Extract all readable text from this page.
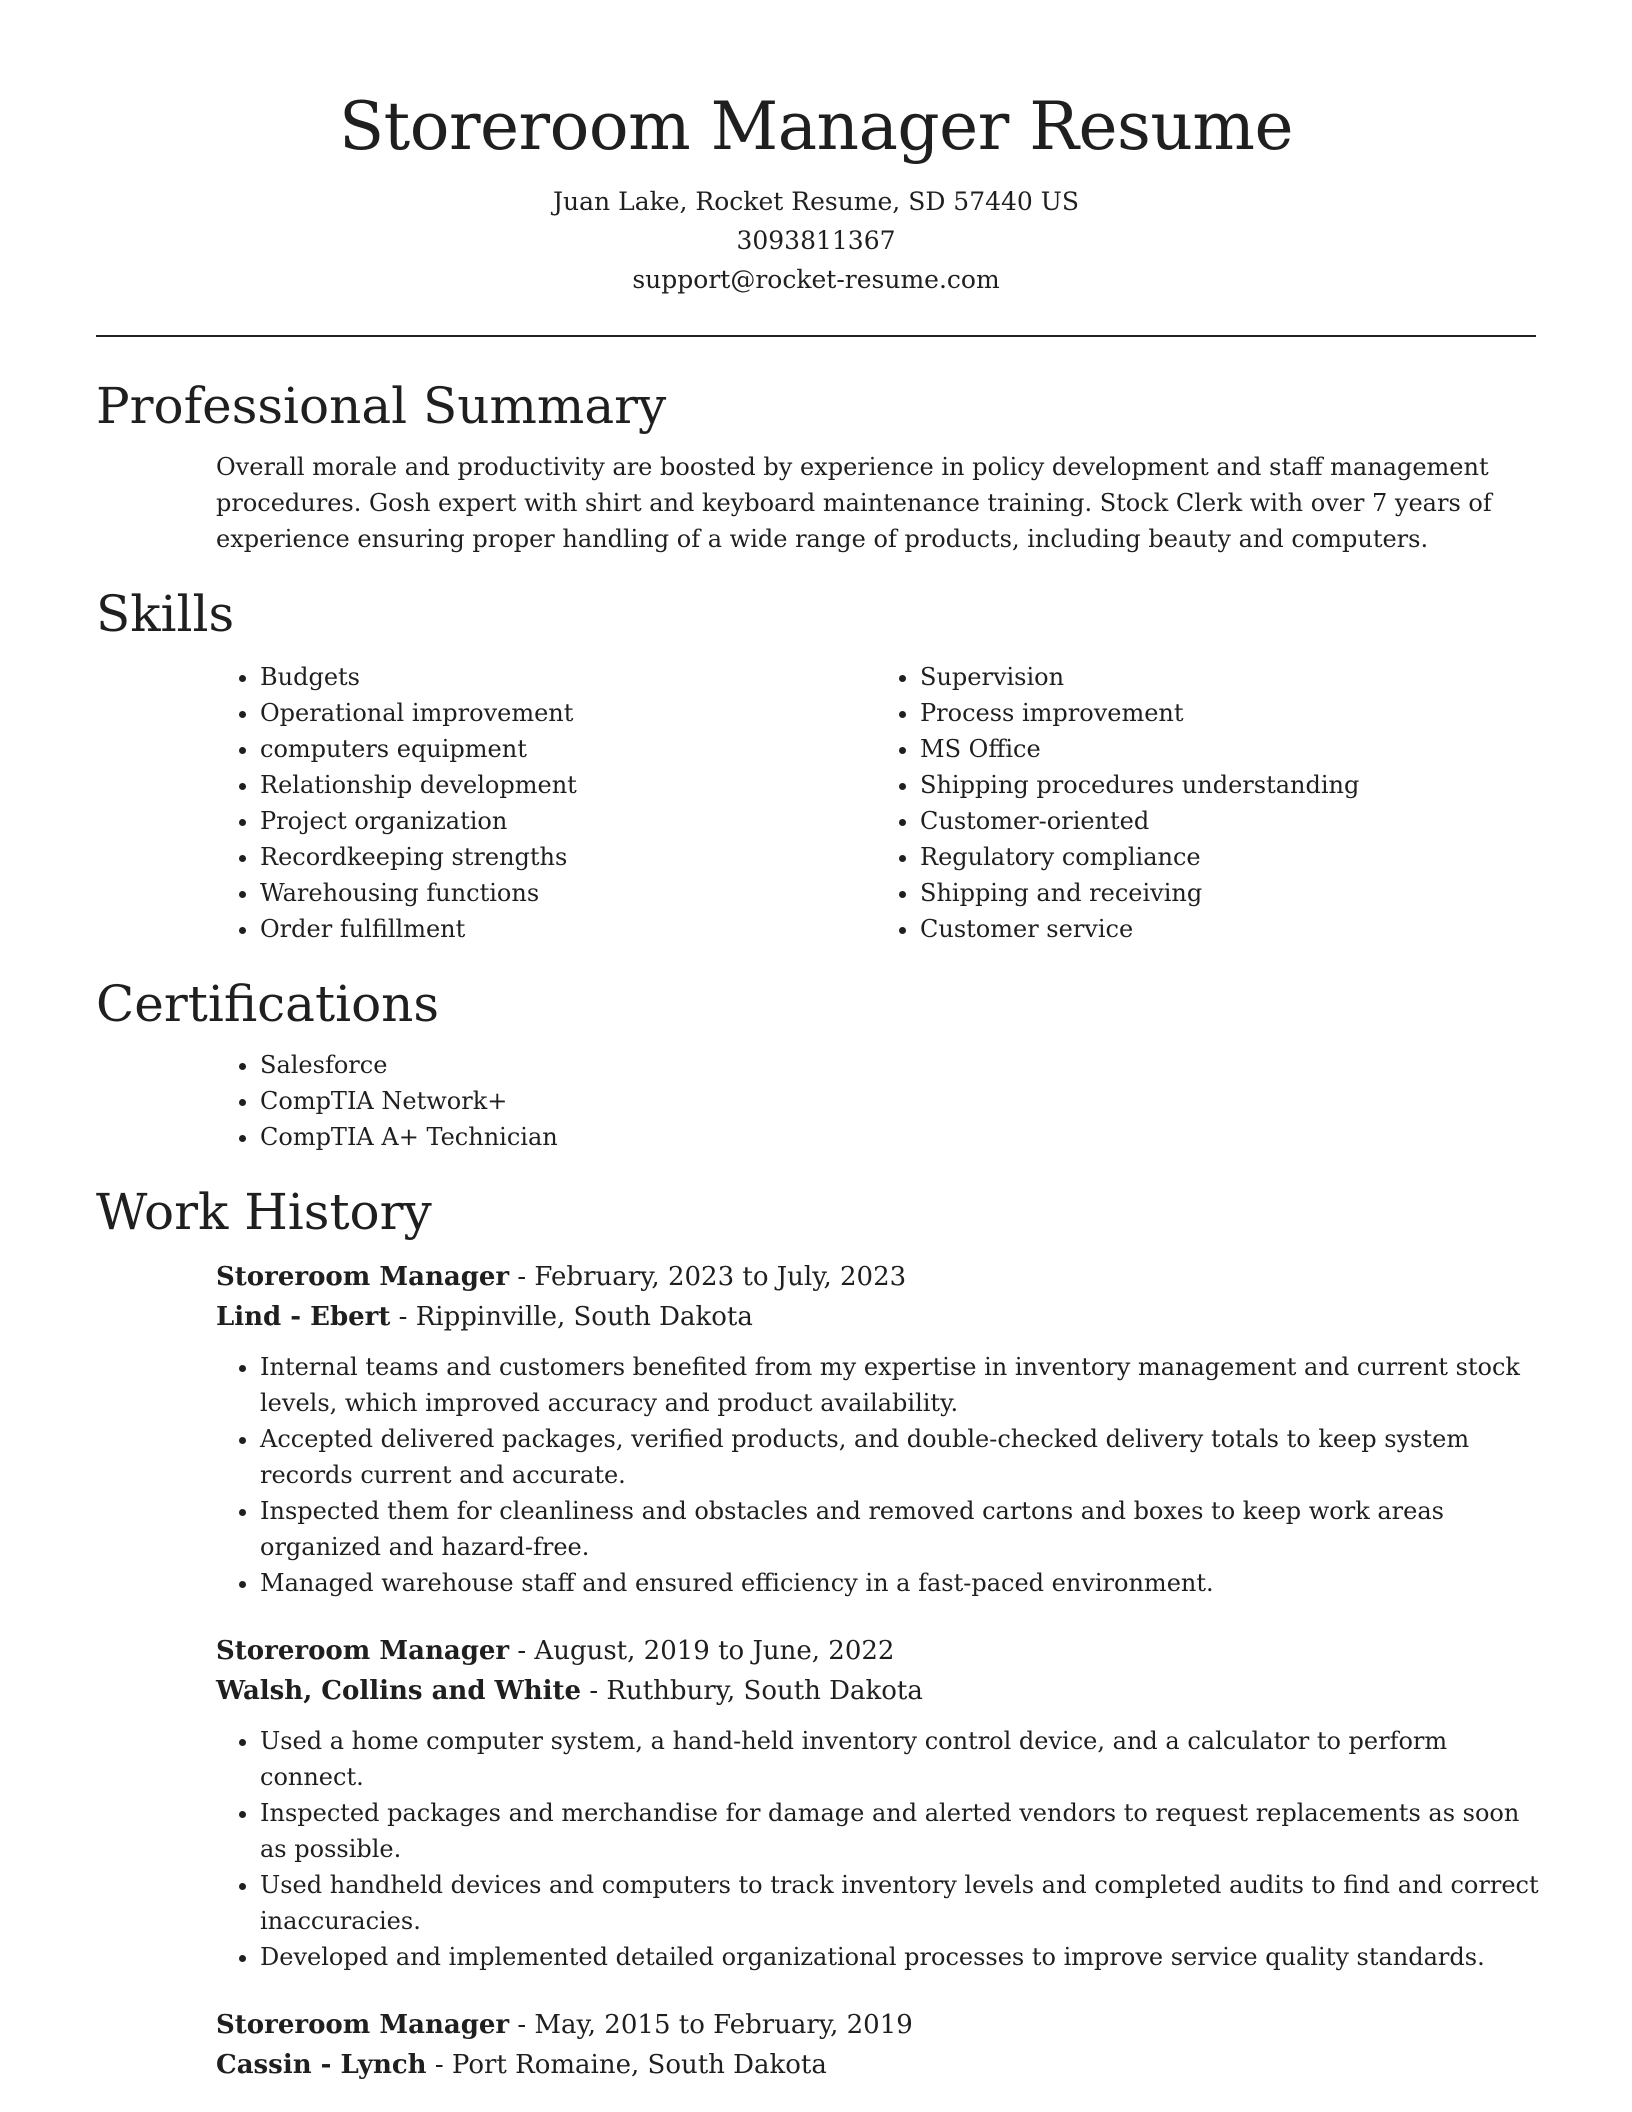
Storeroom Manager Resume
Juan Lake, Rocket Resume, SD 57440 US
3093811367
support@rocket-resume.com
Professional Summary

Overall morale and productivity are boosted by experience in policy development and staff management procedures. Gosh expert with shirt and keyboard maintenance training. Stock Clerk with over 7 years of experience ensuring proper handling of a wide range of products, including beauty and computers.

Skills
• Budgets
• Operational improvement
• computers equipment
• Relationship development
• Project organization
• Recordkeeping strengths
• Warehousing functions
• Order fulfillment
• Supervision
• Process improvement
• MS Office
• Shipping procedures understanding
• Customer-oriented
• Regulatory compliance
• Shipping and receiving
• Customer service
Certifications
• Salesforce
• CompTIA Network+
• CompTIA A+ Technician
Work History
Storeroom Manager - February, 2023 to July, 2023
Lind - Ebert - Rippinville, South Dakota
• Internal teams and customers benefited from my expertise in inventory management and current stock levels, which improved accuracy and product availability.
• Accepted delivered packages, verified products, and double-checked delivery totals to keep system records current and accurate.
• Inspected them for cleanliness and obstacles and removed cartons and boxes to keep work areas organized and hazard-free.
• Managed warehouse staff and ensured efficiency in a fast-paced environment.
Storeroom Manager - August, 2019 to June, 2022
Walsh, Collins and White - Ruthbury, South Dakota
• Used a home computer system, a hand-held inventory control device, and a calculator to perform connect.
• Inspected packages and merchandise for damage and alerted vendors to request replacements as soon as possible.
• Used handheld devices and computers to track inventory levels and completed audits to find and correct inaccuracies.
• Developed and implemented detailed organizational processes to improve service quality standards.
Storeroom Manager - May, 2015 to February, 2019
Cassin - Lynch - Port Romaine, South Dakota
